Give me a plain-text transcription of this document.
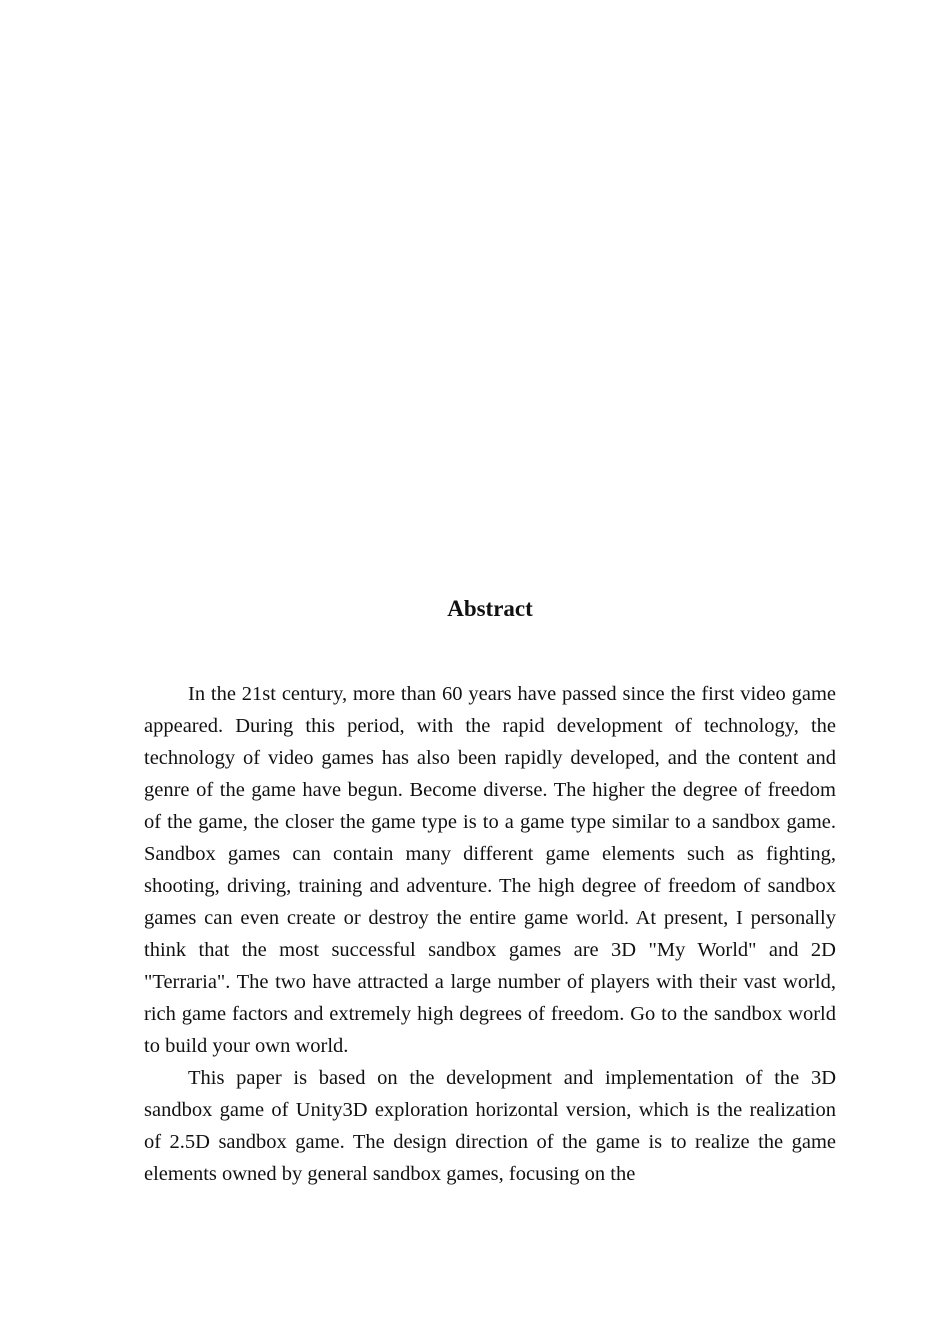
Abstract

In the 21st century, more than 60 years have passed since the first video game appeared. During this period, with the rapid development of technology, the technology of video games has also been rapidly developed, and the content and genre of the game have begun. Become diverse. The higher the degree of freedom of the game, the closer the game type is to a game type similar to a sandbox game. Sandbox games can contain many different game elements such as fighting, shooting, driving, training and adventure. The high degree of freedom of sandbox games can even create or destroy the entire game world. At present, I personally think that the most successful sandbox games are 3D "My World" and 2D "Terraria". The two have attracted a large number of players with their vast world, rich game factors and extremely high degrees of freedom. Go to the sandbox world to build your own world.

This paper is based on the development and implementation of the 3D sandbox game of Unity3D exploration horizontal version, which is the realization of 2.5D sandbox game. The design direction of the game is to realize the game elements owned by general sandbox games, focusing on the
